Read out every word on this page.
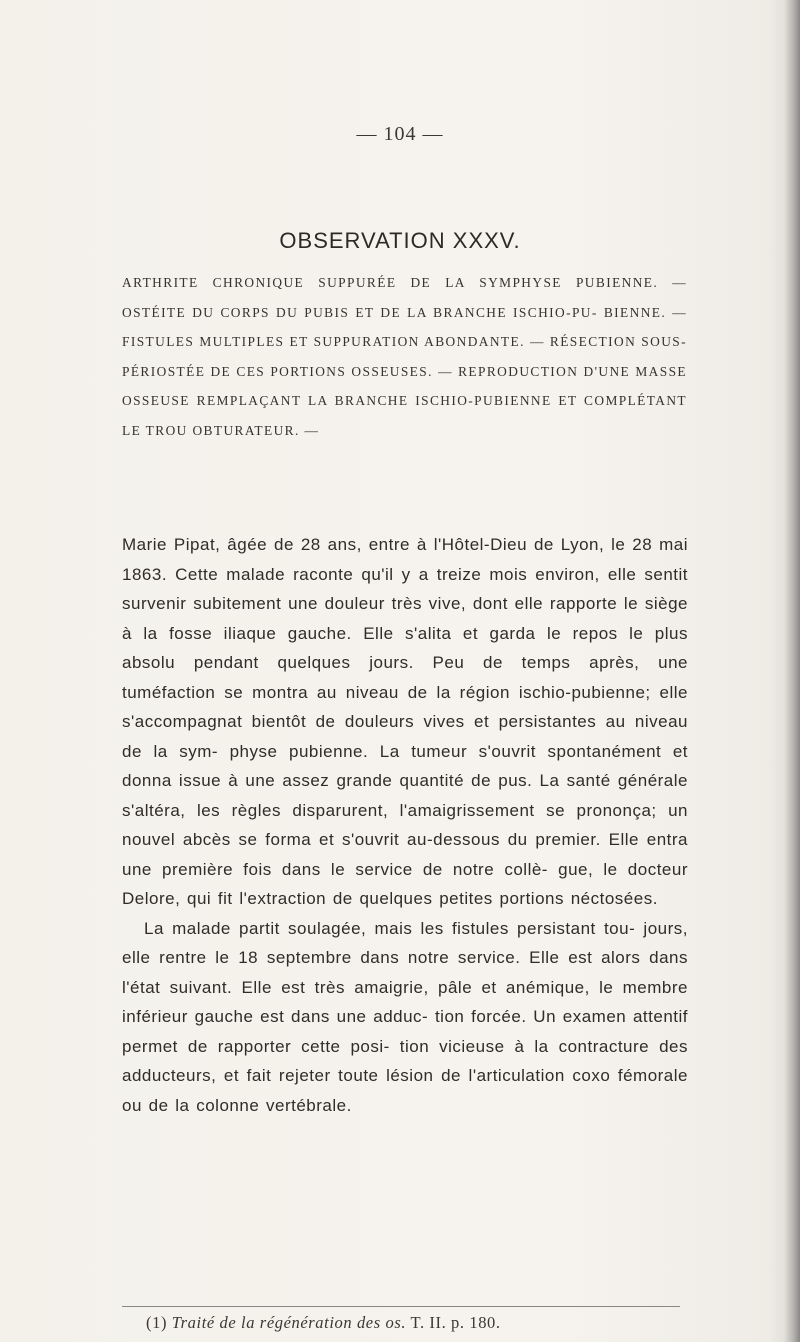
— 104 —
OBSERVATION XXXV.
ARTHRITE CHRONIQUE SUPPURÉE DE LA SYMPHYSE PUBIENNE. — OSTÉITE DU CORPS DU PUBIS ET DE LA BRANCHE ISCHIO-PU- BIENNE. — FISTULES MULTIPLES ET SUPPURATION ABONDANTE. — RÉSECTION SOUS-PÉRIOSTÉE DE CES PORTIONS OSSEUSES. — REPRODUCTION D'UNE MASSE OSSEUSE REMPLAÇANT LA BRANCHE ISCHIO-PUBIENNE ET COMPLÉTANT LE TROU OBTURATEUR. —

Marie Pipat, âgée de 28 ans, entre à l'Hôtel-Dieu de Lyon, le 28 mai 1863. Cette malade raconte qu'il y a treize mois environ, elle sentit survenir subitement une douleur très vive, dont elle rapporte le siège à la fosse iliaque gauche. Elle s'alita et garda le repos le plus absolu pendant quelques jours. Peu de temps après, une tuméfaction se montra au niveau de la région ischio-pubienne; elle s'accompagnat bientôt de douleurs vives et persistantes au niveau de la sym- physe pubienne. La tumeur s'ouvrit spontanément et donna issue à une assez grande quantité de pus. La santé générale s'altéra, les règles disparurent, l'amaigrissement se prononça; un nouvel abcès se forma et s'ouvrit au-dessous du premier. Elle entra une première fois dans le service de notre collè- gue, le docteur Delore, qui fit l'extraction de quelques petites portions néctosées.

La malade partit soulagée, mais les fistules persistant tou- jours, elle rentre le 18 septembre dans notre service. Elle est alors dans l'état suivant. Elle est très amaigrie, pâle et anémique, le membre inférieur gauche est dans une adduc- tion forcée. Un examen attentif permet de rapporter cette posi- tion vicieuse à la contracture des adducteurs, et fait rejeter toute lésion de l'articulation coxo fémorale ou de la colonne vertébrale.

(1) Traité de la régénération des os. T. II. p. 180.
